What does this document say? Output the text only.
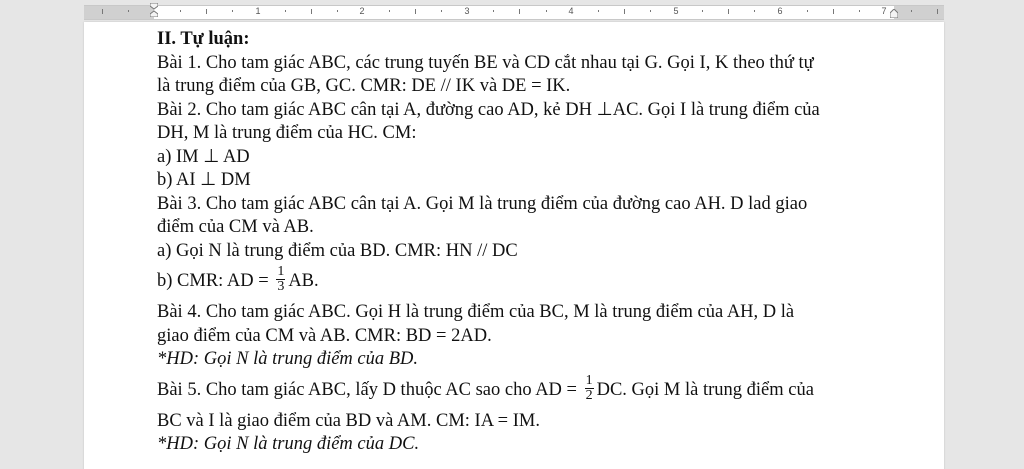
1	2	3	4	5	6	7
II. Tự luận:
Bài 1. Cho tam giác ABC, các trung tuyến BE và CD cắt nhau tại G. Gọi I, K theo thứ tự
là trung điểm của GB, GC. CMR: DE // IK và DE = IK.
Bài 2. Cho tam giác ABC cân tại A, đường cao AD, kẻ DH ⊥AC. Gọi I là trung điểm của
DH, M là trung điểm của HC. CM:
a) IM ⊥ AD
b) AI ⊥ DM
Bài 3. Cho tam giác ABC cân tại A. Gọi M là trung điểm của đường cao AH. D lad giao
điểm của CM và AB.
a) Gọi N là trung điểm của BD. CMR: HN // DC
b) CMR: AD = $\frac{1}{3}$ AB.
Bài 4. Cho tam giác ABC. Gọi H là trung điểm của BC, M là trung điểm của AH, D là
giao điểm của CM và AB. CMR: BD = 2AD.
*HD: Gọi N là trung điểm của BD.
Bài 5. Cho tam giác ABC, lấy D thuộc AC sao cho AD = $\frac{1}{2}$ DC. Gọi M là trung điểm của
BC và I là giao điểm của BD và AM. CM: IA = IM.
*HD: Gọi N là trung điểm của DC.
